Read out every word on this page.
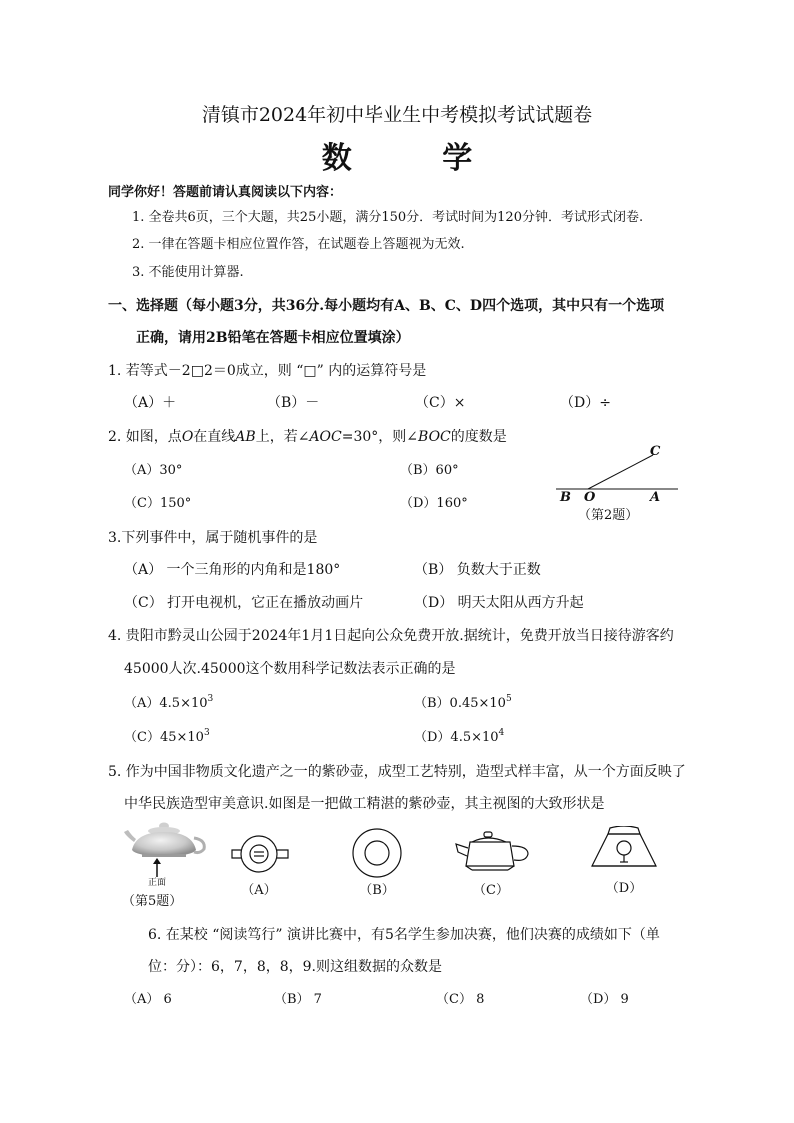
清镇市2024年初中毕业生中考模拟考试试题卷
数 学
同学你好！答题前请认真阅读以下内容：
1. 全卷共6页，三个大题，共25小题，满分150分．考试时间为120分钟．考试形式闭卷.
2. 一律在答题卡相应位置作答，在试题卷上答题视为无效.
3. 不能使用计算器.
一、选择题（每小题3分，共36分.每小题均有A、B、C、D四个选项，其中只有一个选项
正确，请用2B铅笔在答题卡相应位置填涂）
1. 若等式－2□2＝0成立，则 “□” 内的运算符号是
（A）＋	（B）－	（C）×	（D）÷
2. 如图，点O在直线AB上，若∠AOC=30°，则∠BOC的度数是
（A）30°	（B）60°
（C）150°	（D）160°
C
B O	A
（第2题）
3.下列事件中，属于随机事件的是
（A） 一个三角形的内角和是180°	（B） 负数大于正数
（C） 打开电视机，它正在播放动画片	（D） 明天太阳从西方升起
4. 贵阳市黔灵山公园于2024年1月1日起向公众免费开放.据统计，免费开放当日接待游客约
45000人次.45000这个数用科学记数法表示正确的是
$(A)4.5\times 10^3$	$(B)0.45\times 10^5$
$(C)45\times 10^3$	$(D)4.5\times 10^4$
5. 作为中国非物质文化遗产之一的紫砂壶，成型工艺特别，造型式样丰富，从一个方面反映了
中华民族造型审美意识.如图是一把做工精湛的紫砂壶，其主视图的大致形状是
正面
（第5题）
（A）	（B）	（C）	（D）
6. 在某校 “阅读笃行” 演讲比赛中，有5名学生参加决赛，他们决赛的成绩如下（单
位：分）：6，7，8，8，9.则这组数据的众数是
（A） 6	（B） 7	（C） 8	（D） 9
